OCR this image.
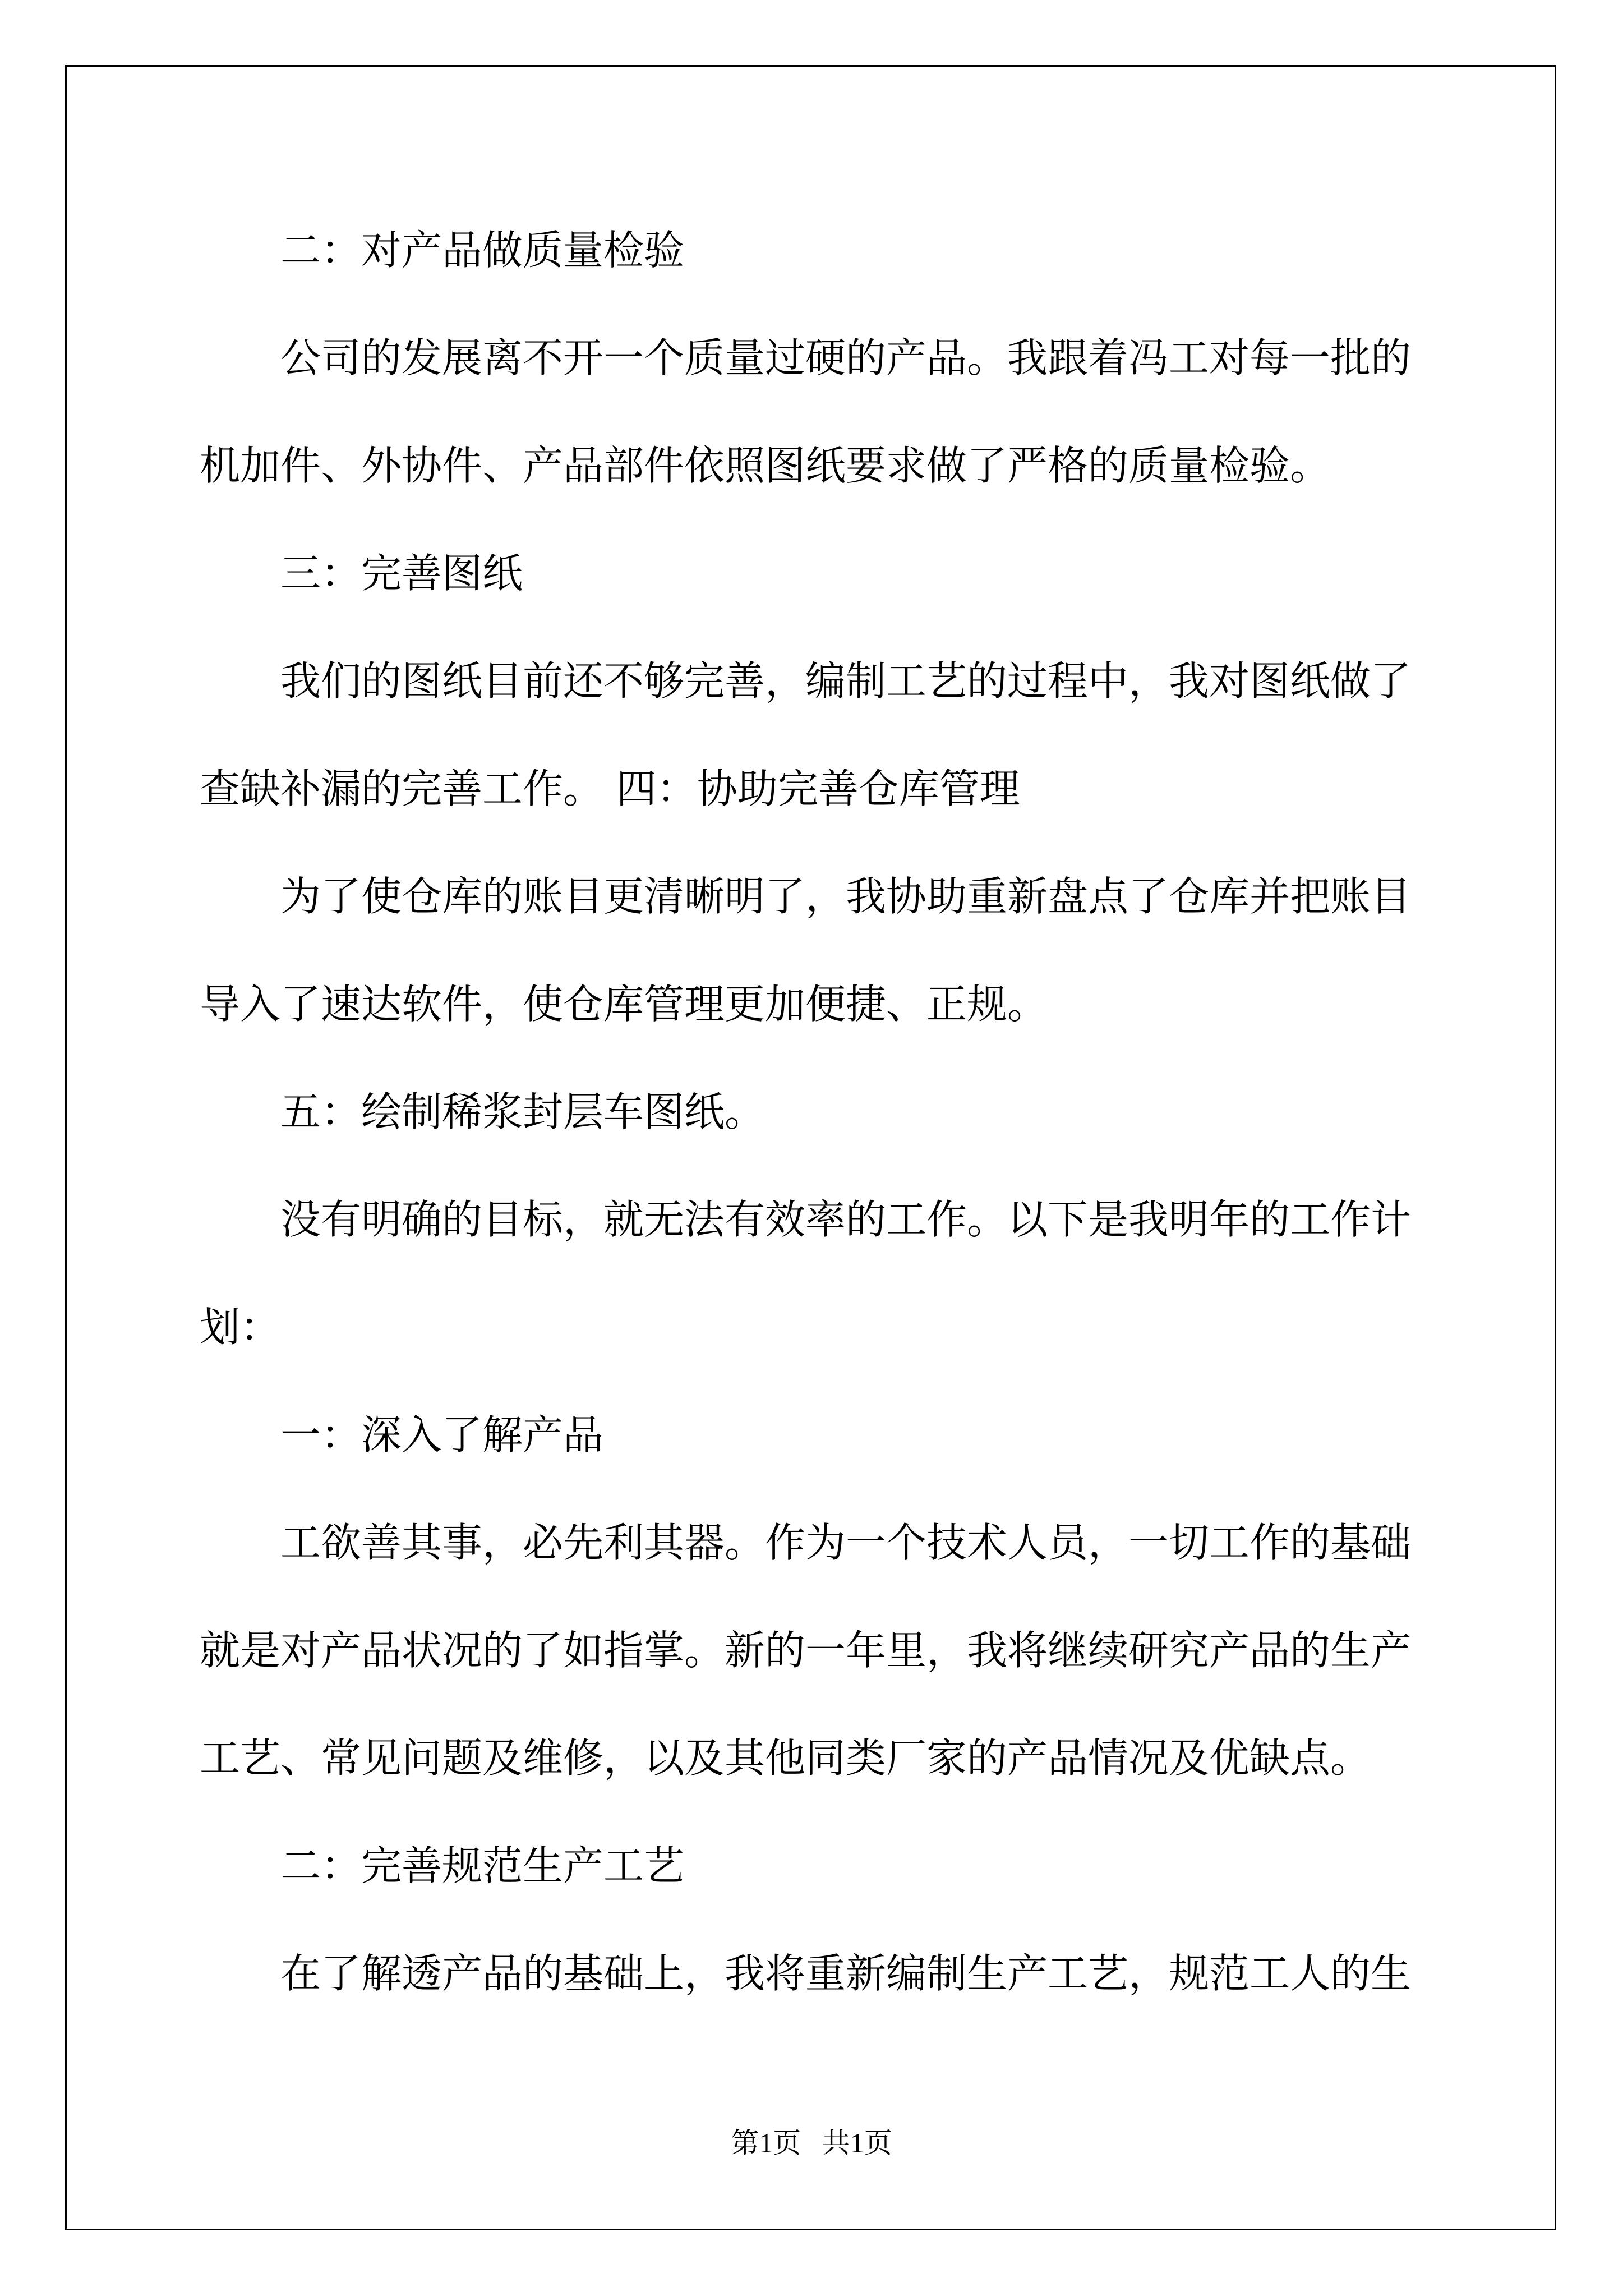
二：对产品做质量检验

公司的发展离不开一个质量过硬的产品。我跟着冯工对每一批的

机加件、外协件、产品部件依照图纸要求做了严格的质量检验。

三：完善图纸

我们的图纸目前还不够完善，编制工艺的过程中，我对图纸做了

查缺补漏的完善工作。 四：协助完善仓库管理

为了使仓库的账目更清晰明了，我协助重新盘点了仓库并把账目

导入了速达软件，使仓库管理更加便捷、正规。

五：绘制稀浆封层车图纸。

没有明确的目标，就无法有效率的工作。以下是我明年的工作计

划：

一：深入了解产品

工欲善其事，必先利其器。作为一个技术人员，一切工作的基础

就是对产品状况的了如指掌。新的一年里，我将继续研究产品的生产

工艺、常见问题及维修，以及其他同类厂家的产品情况及优缺点。

二：完善规范生产工艺

在了解透产品的基础上，我将重新编制生产工艺，规范工人的生

第1页   共1页
